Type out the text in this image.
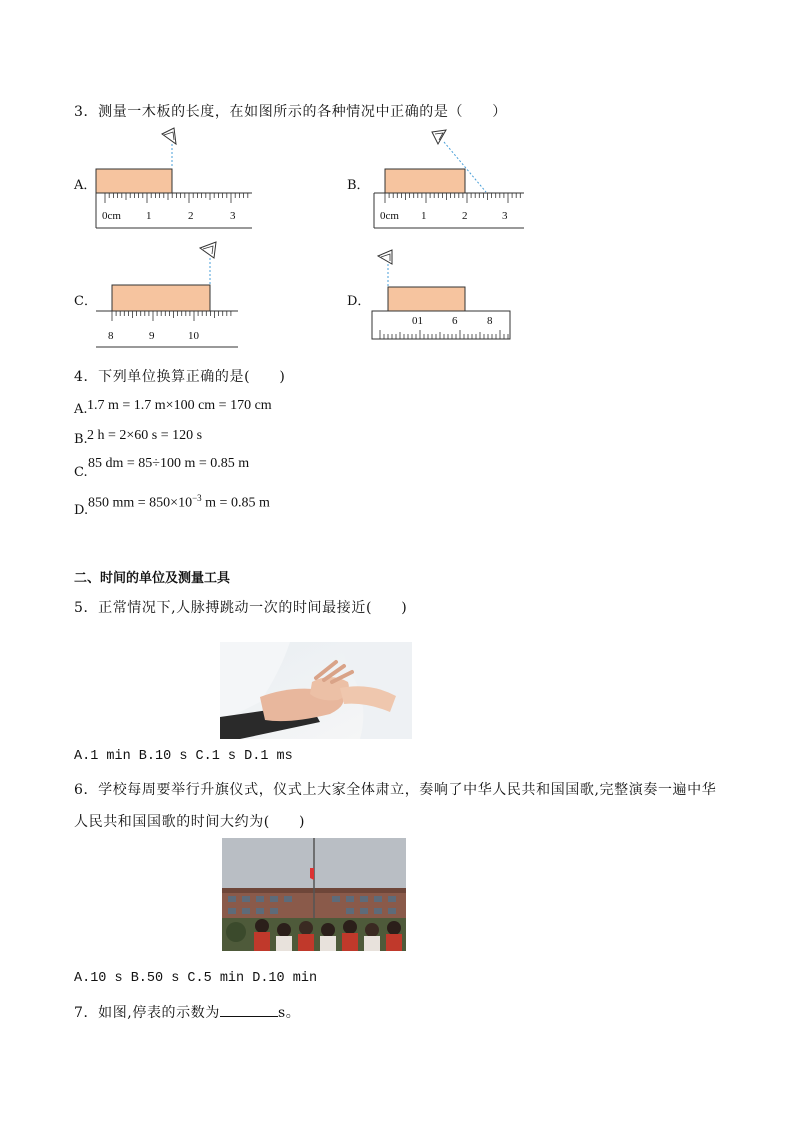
3．测量一木板的长度，在如图所示的各种情况中正确的是（　　）
A．	B．
C．	D．
0cm 1	2	3	0cm 1	2	3
8	9	10
01	6	8
4．下列单位换算正确的是(　　)
A. 1.7 m = 1.7 m×100 cm = 170 cm
B. 2 h = 2×60 s = 120 s
C.
85 dm = 85÷100 m = 0.85 m
D. 850 mm = $850\times 10^{-3}$ m = 0.85 m
二、时间的单位及测量工具
5．正常情况下,人脉搏跳动一次的时间最接近(　　)
A.1 min B.10 s C.1 s D.1 ms
6．学校每周要举行升旗仪式，仪式上大家全体肃立，奏响了中华人民共和国国歌,完整演奏一遍中华
人民共和国国歌的时间大约为(　　)
A.10 s B.50 s C.5 min D.10 min
7．如图,停表的示数为	s。
